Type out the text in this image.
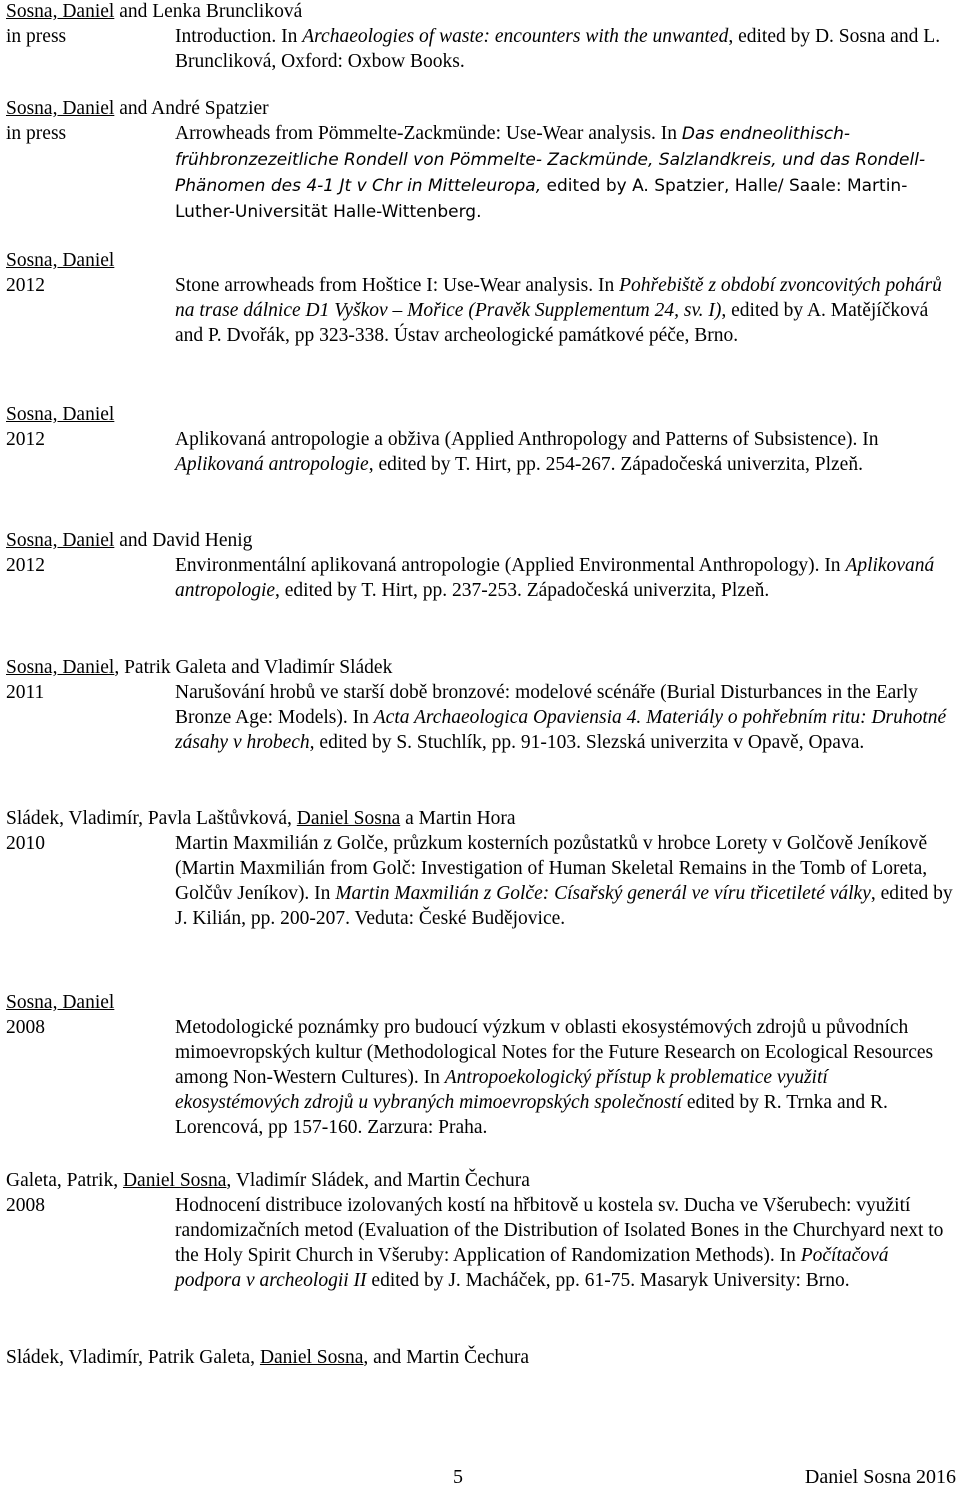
Sosna, Daniel and Lenka Bruncliková
in press	Introduction. In Archaeologies of waste: encounters with the unwanted, edited by D. Sosna and L. Bruncliková, Oxford: Oxbow Books.
Sosna, Daniel and André Spatzier
in press	Arrowheads from Pömmelte-Zackmünde: Use-Wear analysis. In Das endneolithisch-frühbronzezeitliche Rondell von Pömmelte- Zackmünde, Salzlandkreis, und das Rondell-Phänomen des 4-1 Jt v Chr in Mitteleuropa, edited by A. Spatzier, Halle/ Saale: Martin-Luther-Universität Halle-Wittenberg.
Sosna, Daniel
2012	Stone arrowheads from Hoštice I: Use-Wear analysis. In Pohřebiště z období zvoncovitých pohárů na trase dálnice D1 Vyškov – Mořice (Pravěk Supplementum 24, sv. I), edited by A. Matějíčková and P. Dvořák, pp 323-338. Ústav archeologické památkové péče, Brno.
Sosna, Daniel
2012	Aplikovaná antropologie a obživa (Applied Anthropology and Patterns of Subsistence). In Aplikovaná antropologie, edited by T. Hirt, pp. 254-267. Západočeská univerzita, Plzeň.
Sosna, Daniel and David Henig
2012	Environmentální aplikovaná antropologie (Applied Environmental Anthropology). In Aplikovaná antropologie, edited by T. Hirt, pp. 237-253. Západočeská univerzita, Plzeň.
Sosna, Daniel, Patrik Galeta and Vladimír Sládek
2011	Narušování hrobů ve starší době bronzové: modelové scénáře (Burial Disturbances in the Early Bronze Age: Models). In Acta Archaeologica Opaviensia 4. Materiály o pohřebním ritu: Druhotné zásahy v hrobech, edited by S. Stuchlík, pp. 91-103. Slezská univerzita v Opavě, Opava.
Sládek, Vladimír, Pavla Laštůvková, Daniel Sosna a Martin Hora
2010	Martin Maxmilián z Golče, průzkum kosterních pozůstatků v hrobce Lorety v Golčově Jeníkově (Martin Maxmilián from Golč: Investigation of Human Skeletal Remains in the Tomb of Loreta, Golčův Jeníkov). In Martin Maxmilián z Golče: Císařský generál ve víru třicetileté války, edited by J. Kilián, pp. 200-207. Veduta: České Budějovice.
Sosna, Daniel
2008	Metodologické poznámky pro budoucí výzkum v oblasti ekosystémových zdrojů u původních mimoevropských kultur (Methodological Notes for the Future Research on Ecological Resources among Non-Western Cultures). In Antropoekologický přístup k problematice využití ekosystémových zdrojů u vybraných mimoevropských společností edited by R. Trnka and R. Lorencová, pp 157-160. Zarzura: Praha.
Galeta, Patrik, Daniel Sosna, Vladimír Sládek, and Martin Čechura
2008	Hodnocení distribuce izolovaných kostí na hřbitově u kostela sv. Ducha ve Všerubech: využití randomizačních metod (Evaluation of the Distribution of Isolated Bones in the Churchyard next to the Holy Spirit Church in Všeruby: Application of Randomization Methods). In Počítačová podpora v archeologii II edited by J. Macháček, pp. 61-75. Masaryk University: Brno.
Sládek, Vladimír, Patrik Galeta, Daniel Sosna, and Martin Čechura
5	Daniel Sosna 2016
